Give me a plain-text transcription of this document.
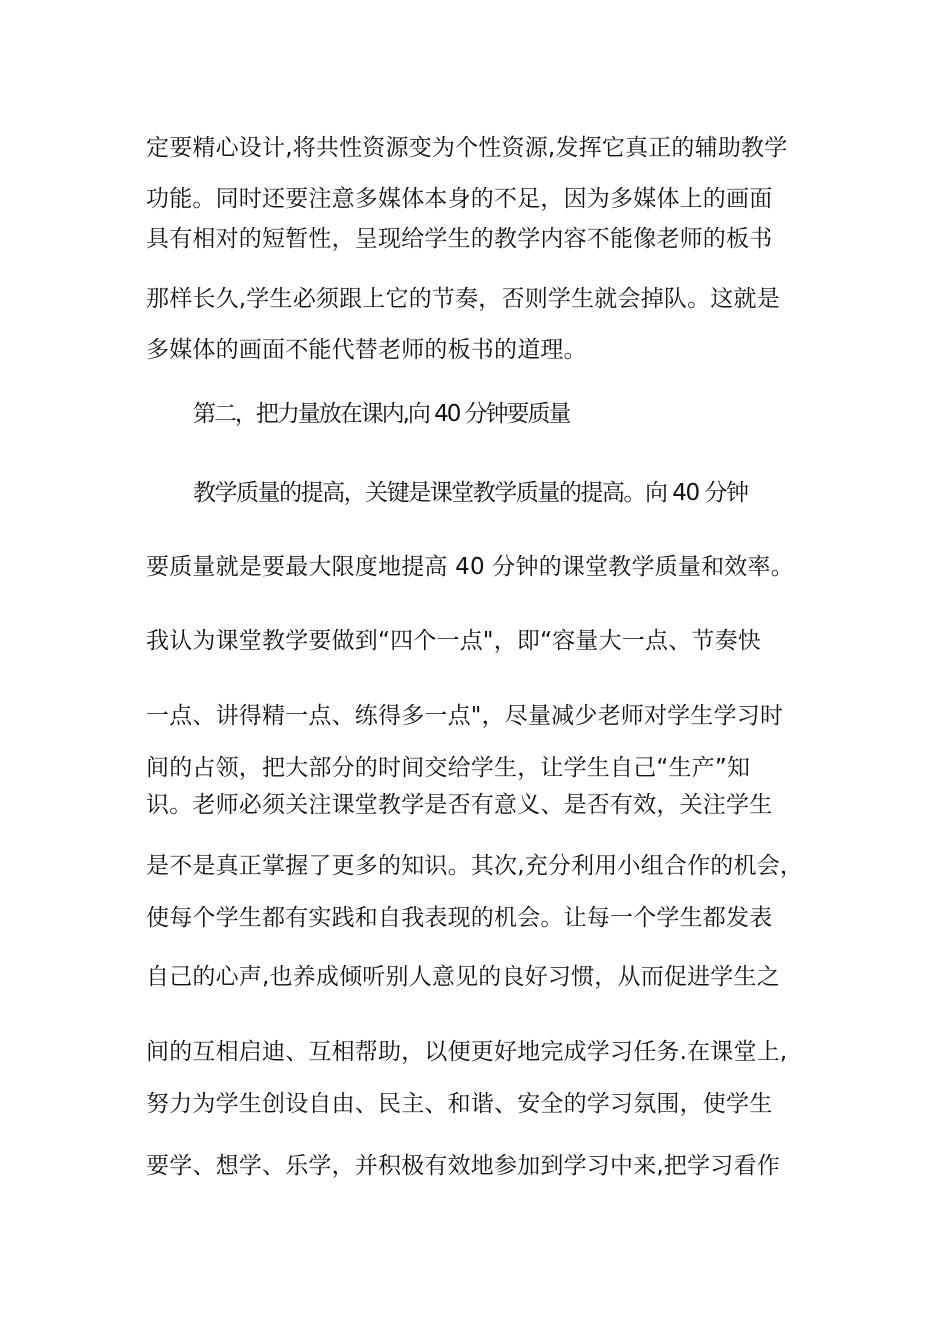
定要精心设计,将共性资源变为个性资源,发挥它真正的辅助教学
功能。同时还要注意多媒体本身的不足，因为多媒体上的画面
具有相对的短暂性，呈现给学生的教学内容不能像老师的板书
那样长久,学生必须跟上它的节奏，否则学生就会掉队。这就是
多媒体的画面不能代替老师的板书的道理。
第二，把力量放在课内,向 40 分钟要质量
教学质量的提高，关键是课堂教学质量的提高。向 40 分钟
要质量就是要最大限度地提高 40 分钟的课堂教学质量和效率。
我认为课堂教学要做到“四个一点"，即“容量大一点、节奏快
一点、讲得精一点、练得多一点"，尽量减少老师对学生学习时
间的占领，把大部分的时间交给学生，让学生自己“生产”知
识。老师必须关注课堂教学是否有意义、是否有效，关注学生
是不是真正掌握了更多的知识。其次,充分利用小组合作的机会，
使每个学生都有实践和自我表现的机会。让每一个学生都发表
自己的心声,也养成倾听别人意见的良好习惯，从而促进学生之
间的互相启迪、互相帮助，以便更好地完成学习任务.在课堂上,
努力为学生创设自由、民主、和谐、安全的学习氛围，使学生
要学、想学、乐学，并积极有效地参加到学习中来,把学习看作
